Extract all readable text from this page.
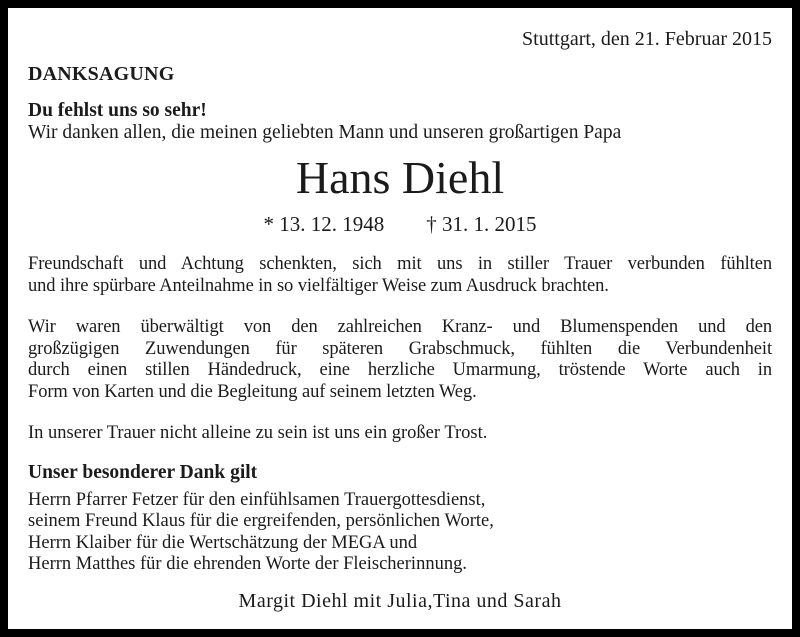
Stuttgart, den 21. Februar 2015
DANKSAGUNG
Du fehlst uns so sehr!
Wir danken allen, die meinen geliebten Mann und unseren großartigen Papa
Hans Diehl
* 13. 12. 1948 † 31. 1. 2015
Freundschaft und Achtung schenkten, sich mit uns in stiller Trauer verbunden fühlten
und ihre spürbare Anteilnahme in so vielfältiger Weise zum Ausdruck brachten.
Wir waren überwältigt von den zahlreichen Kranz- und Blumenspenden und den
großzügigen Zuwendungen für späteren Grabschmuck, fühlten die Verbundenheit
durch einen stillen Händedruck, eine herzliche Umarmung, tröstende Worte auch in
Form von Karten und die Begleitung auf seinem letzten Weg.
In unserer Trauer nicht alleine zu sein ist uns ein großer Trost.
Unser besonderer Dank gilt
Herrn Pfarrer Fetzer für den einfühlsamen Trauergottesdienst,
seinem Freund Klaus für die ergreifenden, persönlichen Worte,
Herrn Klaiber für die Wertschätzung der MEGA und
Herrn Matthes für die ehrenden Worte der Fleischerinnung.
Margit Diehl mit Julia,Tina und Sarah
